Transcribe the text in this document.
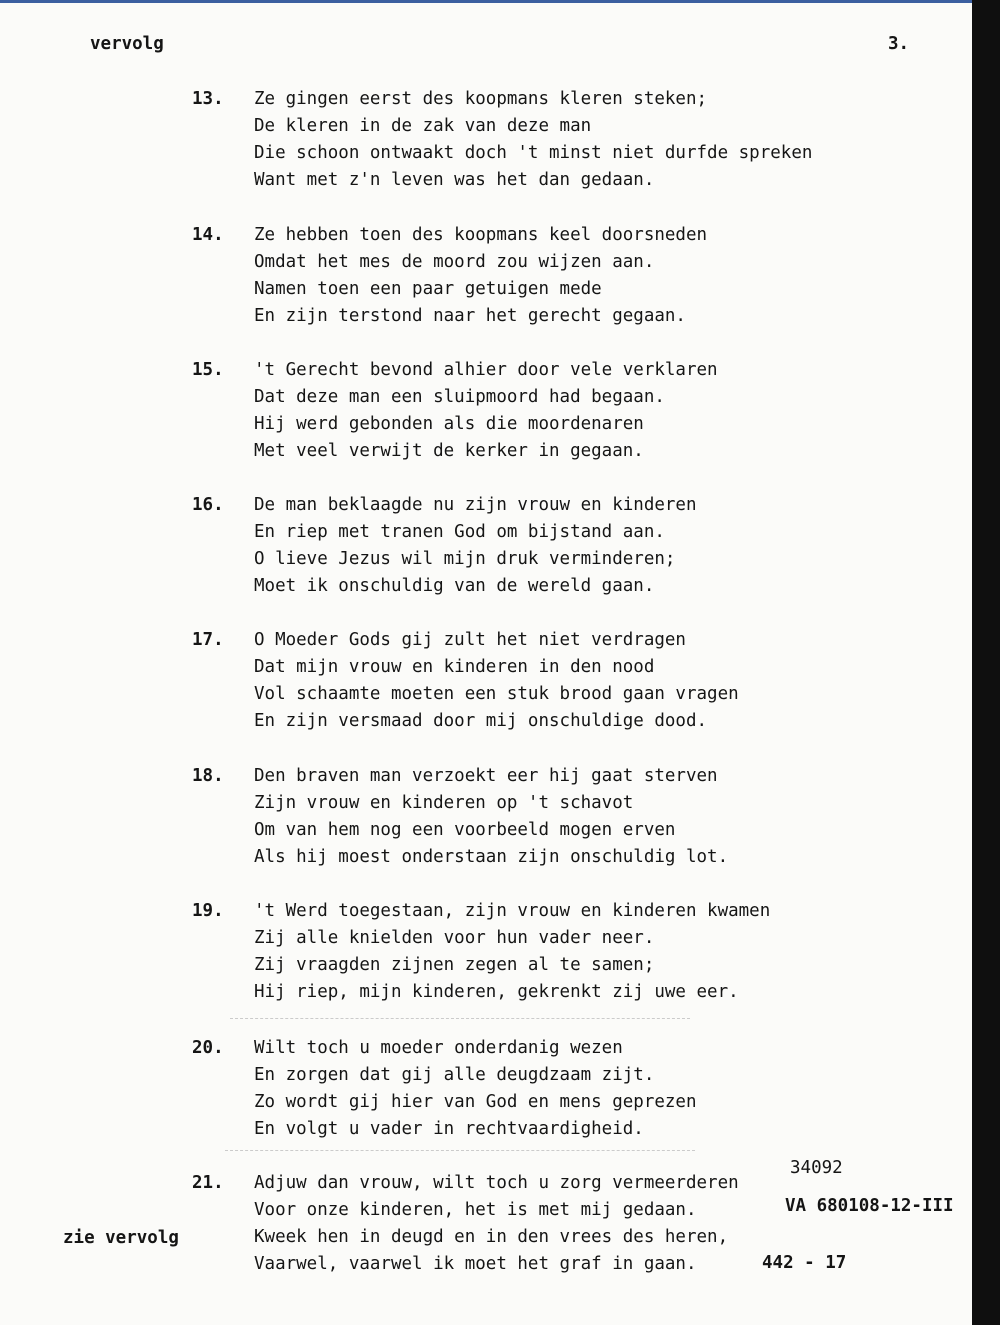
vervolg	3.
13. Ze gingen eerst des koopmans kleren steken;
De kleren in de zak van deze man
Die schoon ontwaakt doch 't minst niet durfde spreken
Want met z'n leven was het dan gedaan.
14. Ze hebben toen des koopmans keel doorsneden
Omdat het mes de moord zou wijzen aan.
Namen toen een paar getuigen mede
En zijn terstond naar het gerecht gegaan.
15. 't Gerecht bevond alhier door vele verklaren
Dat deze man een sluipmoord had begaan.
Hij werd gebonden als die moordenaren
Met veel verwijt de kerker in gegaan.
16. De man beklaagde nu zijn vrouw en kinderen
En riep met tranen God om bijstand aan.
O lieve Jezus wil mijn druk verminderen;
Moet ik onschuldig van de wereld gaan.
17. O Moeder Gods gij zult het niet verdragen
Dat mijn vrouw en kinderen in den nood
Vol schaamte moeten een stuk brood gaan vragen
En zijn versmaad door mij onschuldige dood.
18. Den braven man verzoekt eer hij gaat sterven
Zijn vrouw en kinderen op 't schavot
Om van hem nog een voorbeeld mogen erven
Als hij moest onderstaan zijn onschuldig lot.
19. 't Werd toegestaan, zijn vrouw en kinderen kwamen
Zij alle knielden voor hun vader neer.
Zij vraagden zijnen zegen al te samen;
Hij riep, mijn kinderen, gekrenkt zij uwe eer.
20. Wilt toch u moeder onderdanig wezen
En zorgen dat gij alle deugdzaam zijt.
Zo wordt gij hier van God en mens geprezen
En volgt u vader in rechtvaardigheid.
21. Adjuw dan vrouw, wilt toch u zorg vermeerderen
Voor onze kinderen, het is met mij gedaan.
Kweek hen in deugd en in den vrees des heren,
Vaarwel, vaarwel ik moet het graf in gaan.
zie vervolg
34092
VA 680108-12-III
442 - 17
